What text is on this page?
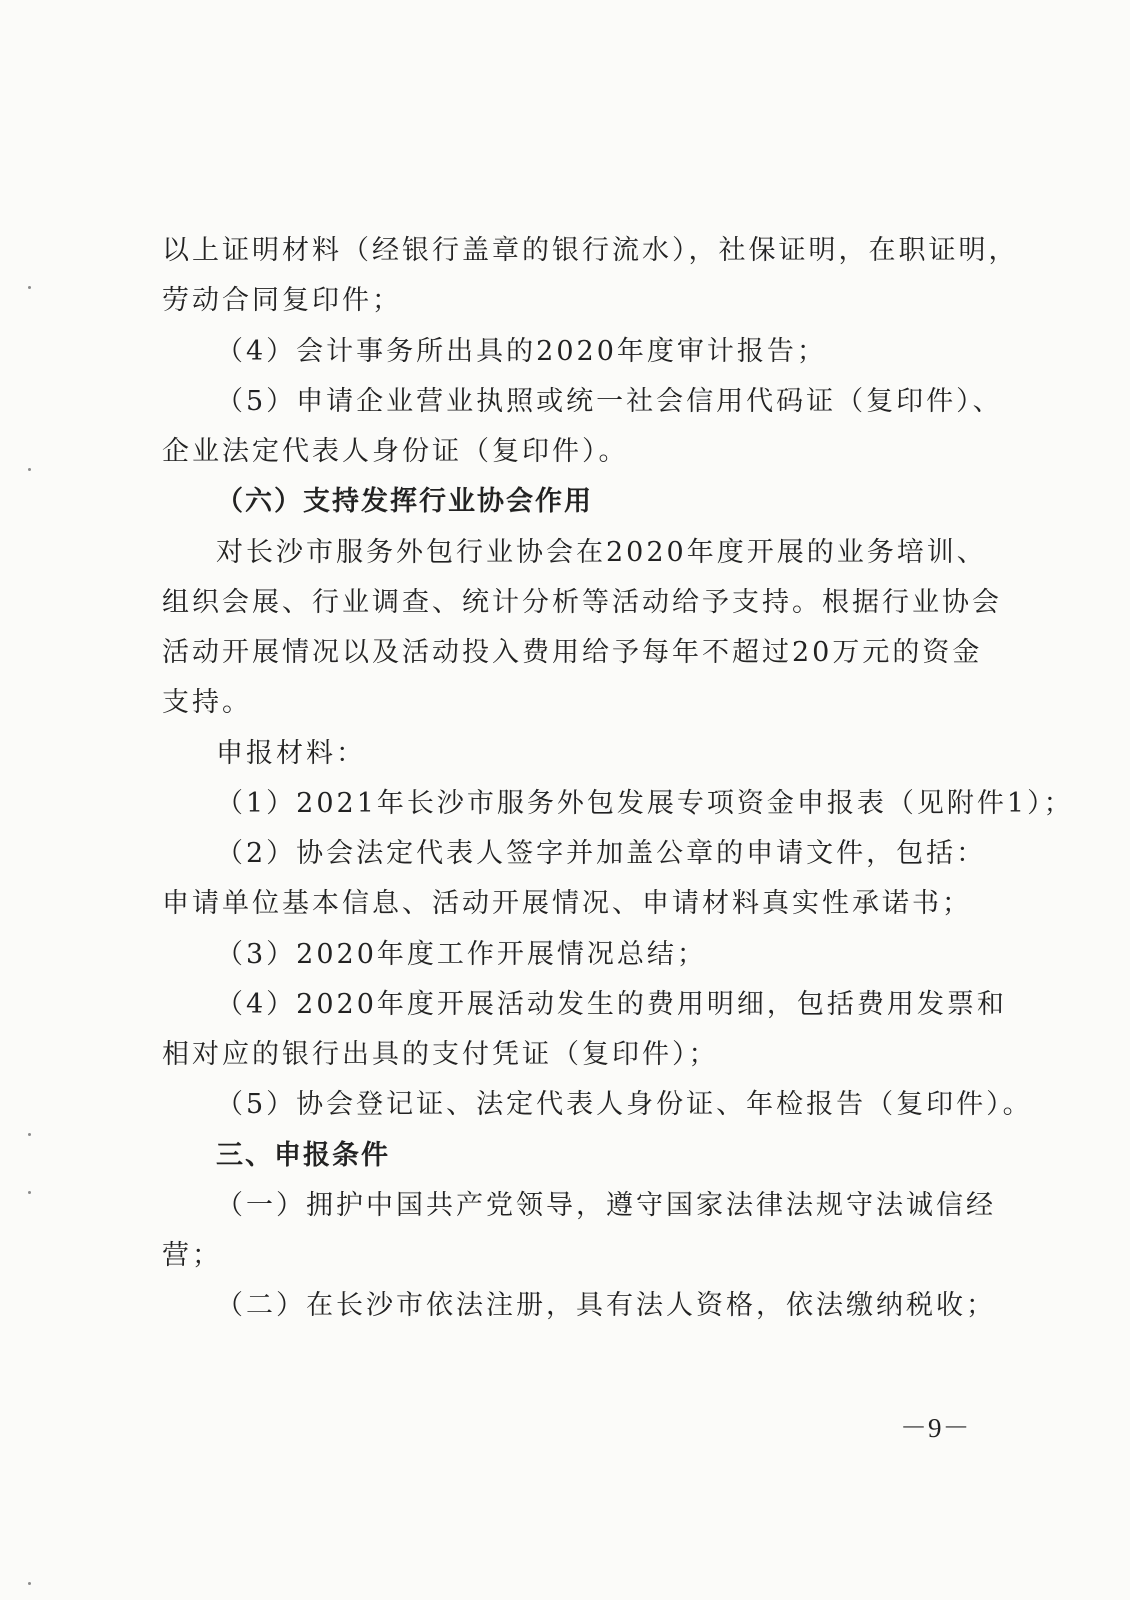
以上证明材料（经银行盖章的银行流水），社保证明，在职证明，
劳动合同复印件；
（4）会计事务所出具的2020年度审计报告；
（5）申请企业营业执照或统一社会信用代码证（复印件）、
企业法定代表人身份证（复印件）。
（六）支持发挥行业协会作用
对长沙市服务外包行业协会在2020年度开展的业务培训、
组织会展、行业调查、统计分析等活动给予支持。根据行业协会
活动开展情况以及活动投入费用给予每年不超过20万元的资金
支持。
申报材料：
（1）2021年长沙市服务外包发展专项资金申报表（见附件1）；
（2）协会法定代表人签字并加盖公章的申请文件，包括：
申请单位基本信息、活动开展情况、申请材料真实性承诺书；
（3）2020年度工作开展情况总结；
（4）2020年度开展活动发生的费用明细，包括费用发票和
相对应的银行出具的支付凭证（复印件）；
（5）协会登记证、法定代表人身份证、年检报告（复印件）。
三、申报条件
（一）拥护中国共产党领导，遵守国家法律法规守法诚信经
营；
（二）在长沙市依法注册，具有法人资格，依法缴纳税收；
－9－
